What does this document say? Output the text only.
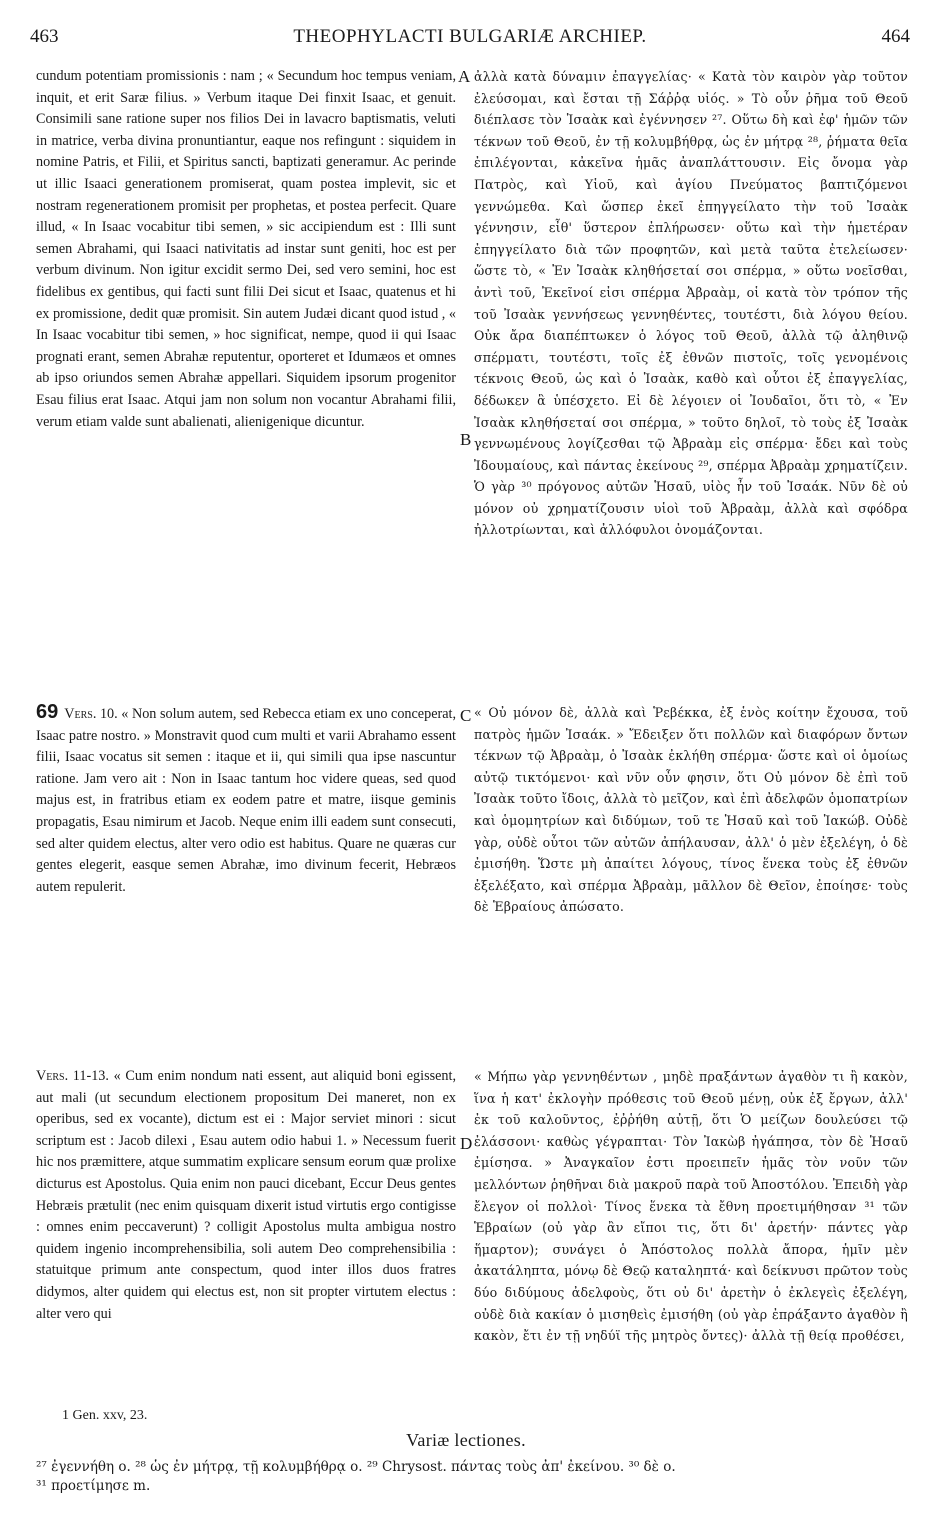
463	THEOPHYLACTI BULGARIÆ ARCHIEP.	464
A
B
C
D

cundum potentiam promissionis : nam ; « Secundum hoc tempus veniam, inquit, et erit Saræ filius. » Verbum itaque Dei finxit Isaac, et genuit. Consimili sane ratione super nos filios Dei in lavacro baptismatis, veluti in matrice, verba divina pronuntiantur, eaque nos refingunt : siquidem in nomine Patris, et Filii, et Spiritus sancti, baptizati generamur. Ac perinde ut illic Isaaci generationem promiserat, quam postea implevit, sic et nostram regenerationem promisit per prophetas, et postea perfecit. Quare illud, « In Isaac vocabitur tibi semen, » sic accipiendum est : Illi sunt semen Abrahami, qui Isaaci nativitatis ad instar sunt geniti, hoc est per verbum divinum. Non igitur excidit sermo Dei, sed vero semini, hoc est fidelibus ex gentibus, qui facti sunt filii Dei sicut et Isaac, quatenus et hi ex promissione, dedit quæ promisit. Sin autem Judæi dicant quod istud , « In Isaac vocabitur tibi semen, » hoc significat, nempe, quod ii qui Isaac prognati erant, semen Abrahæ reputentur, oporteret et Idumæos et omnes ab ipso oriundos semen Abrahæ appellari. Siquidem ipsorum progenitor Esau filius erat Isaac. Atqui jam non solum non vocantur Abrahami filii, verum etiam valde sunt abalienati, alienigenique dicuntur.

69 Vers. 10. « Non solum autem, sed Rebecca etiam ex uno conceperat, Isaac patre nostro. » Monstravit quod cum multi et varii Abrahamo essent filii, Isaac vocatus sit semen : itaque et ii, qui simili qua ipse nascuntur ratione. Jam vero ait : Non in Isaac tantum hoc videre queas, sed quod majus est, in fratribus etiam ex eodem patre et matre, iisque geminis propagatis, Esau nimirum et Jacob. Neque enim illi eadem sunt consecuti, sed alter quidem electus, alter vero odio est habitus. Quare ne quæras cur gentes elegerit, easque semen Abrahæ, imo divinum fecerit, Hebræos autem repulerit.

Vers. 11-13. « Cum enim nondum nati essent, aut aliquid boni egissent, aut mali (ut secundum electionem propositum Dei maneret, non ex operibus, sed ex vocante), dictum est ei : Major serviet minori : sicut scriptum est : Jacob dilexi , Esau autem odio habui 1. » Necessum fuerit hic nos præmittere, atque summatim explicare sensum eorum quæ prolixe dicturus est Apostolus. Quia enim non pauci dicebant, Eccur Deus gentes Hebræis prætulit (nec enim quisquam dixerit istud virtutis ergo contigisse : omnes enim peccaverunt) ? colligit Apostolus multa ambigua nostro quidem ingenio incomprehensibilia, soli autem Deo comprehensibilia : statuitque primum ante conspectum, quod inter illos duos fratres didymos, alter quidem qui electus est, non sit propter virtutem electus : alter vero qui

ἀλλὰ κατὰ δύναμιν ἐπαγγελίας· « Κατὰ τὸν καιρὸν γὰρ τοῦτον ἐλεύσομαι, καὶ ἔσται τῇ Σάῤῥᾳ υἱός. » Τὸ οὖν ῥῆμα τοῦ Θεοῦ διέπλασε τὸν Ἰσαὰκ καὶ ἐγέννησεν ²⁷. Οὕτω δὴ καὶ ἐφ' ἡμῶν τῶν τέκνων τοῦ Θεοῦ, ἐν τῇ κολυμβήθρᾳ, ὡς ἐν μήτρᾳ ²⁸, ῥήματα θεῖα ἐπιλέγονται, κἀκεῖνα ἡμᾶς ἀναπλάττουσιν. Εἰς ὄνομα γὰρ Πατρὸς, καὶ Υἱοῦ, καὶ ἁγίου Πνεύματος βαπτιζόμενοι γεννώμεθα. Καὶ ὥσπερ ἐκεῖ ἐπηγγείλατο τὴν τοῦ Ἰσαὰκ γέννησιν, εἶθ' ὕστερον ἐπλήρωσεν· οὕτω καὶ τὴν ἡμετέραν ἐπηγγείλατο διὰ τῶν προφητῶν, καὶ μετὰ ταῦτα ἐτελείωσεν· ὥστε τὸ, « Ἐν Ἰσαὰκ κληθήσεταί σοι σπέρμα, » οὕτω νοεῖσθαι, ἀντὶ τοῦ, Ἐκεῖνοί εἰσι σπέρμα Ἀβραὰμ, οἱ κατὰ τὸν τρόπον τῆς τοῦ Ἰσαὰκ γεννήσεως γεννηθέντες, τουτέστι, διὰ λόγου θείου. Οὐκ ἄρα διαπέπτωκεν ὁ λόγος τοῦ Θεοῦ, ἀλλὰ τῷ ἀληθινῷ σπέρματι, τουτέστι, τοῖς ἐξ ἐθνῶν πιστοῖς, τοῖς γενομένοις τέκνοις Θεοῦ, ὡς καὶ ὁ Ἰσαὰκ, καθὸ καὶ οὗτοι ἐξ ἐπαγγελίας, δέδωκεν ἃ ὑπέσχετο. Εἰ δὲ λέγοιεν οἱ Ἰουδαῖοι, ὅτι τὸ, « Ἐν Ἰσαὰκ κληθήσεταί σοι σπέρμα, » τοῦτο δηλοῖ, τὸ τοὺς ἐξ Ἰσαὰκ γεννωμένους λογίζεσθαι τῷ Ἀβραὰμ εἰς σπέρμα· ἔδει καὶ τοὺς Ἰδουμαίους, καὶ πάντας ἐκείνους ²⁹, σπέρμα Ἀβραὰμ χρηματίζειν. Ὁ γὰρ ³⁰ πρόγονος αὐτῶν Ἡσαῦ, υἱὸς ἦν τοῦ Ἰσαάκ. Νῦν δὲ οὐ μόνον οὐ χρηματίζουσιν υἱοὶ τοῦ Ἀβραὰμ, ἀλλὰ καὶ σφόδρα ἠλλοτρίωνται, καὶ ἀλλόφυλοι ὀνομάζονται.

« Οὐ μόνον δὲ, ἀλλὰ καὶ Ῥεβέκκα, ἐξ ἑνὸς κοίτην ἔχουσα, τοῦ πατρὸς ἡμῶν Ἰσαάκ. » Ἔδειξεν ὅτι πολλῶν καὶ διαφόρων ὄντων τέκνων τῷ Ἀβραὰμ, ὁ Ἰσαὰκ ἐκλήθη σπέρμα· ὥστε καὶ οἱ ὁμοίως αὐτῷ τικτόμενοι· καὶ νῦν οὖν φησιν, ὅτι Οὐ μόνον δὲ ἐπὶ τοῦ Ἰσαὰκ τοῦτο ἴδοις, ἀλλὰ τὸ μεῖζον, καὶ ἐπὶ ἀδελφῶν ὁμοπατρίων καὶ ὁμομητρίων καὶ διδύμων, τοῦ τε Ἡσαῦ καὶ τοῦ Ἰακώβ. Οὐδὲ γὰρ, οὐδὲ οὗτοι τῶν αὐτῶν ἀπήλαυσαν, ἀλλ' ὁ μὲν ἐξελέγη, ὁ δὲ ἐμισήθη. Ὥστε μὴ ἀπαίτει λόγους, τίνος ἕνεκα τοὺς ἐξ ἐθνῶν ἐξελέξατο, καὶ σπέρμα Ἀβραὰμ, μᾶλλον δὲ Θεῖον, ἐποίησε· τοὺς δὲ Ἑβραίους ἀπώσατο.

« Μήπω γὰρ γεννηθέντων , μηδὲ πραξάντων ἀγαθὸν τι ἢ κακὸν, ἵνα ἡ κατ' ἐκλογὴν πρόθεσις τοῦ Θεοῦ μένῃ, οὐκ ἐξ ἔργων, ἀλλ' ἐκ τοῦ καλοῦντος, ἐῤῥήθη αὐτῇ, ὅτι Ὁ μείζων δουλεύσει τῷ ἐλάσσονι· καθὼς γέγραπται· Τὸν Ἰακὼβ ἠγάπησα, τὸν δὲ Ἡσαῦ ἐμίσησα. » Ἀναγκαῖον ἐστι προειπεῖν ἡμᾶς τὸν νοῦν τῶν μελλόντων ῥηθῆναι διὰ μακροῦ παρὰ τοῦ Ἀποστόλου. Ἐπειδὴ γὰρ ἔλεγον οἱ πολλοὶ· Τίνος ἕνεκα τὰ ἔθνη προετιμήθησαν ³¹ τῶν Ἑβραίων (οὐ γὰρ ἂν εἴποι τις, ὅτι δι' ἀρετήν· πάντες γὰρ ἥμαρτον); συνάγει ὁ Ἀπόστολος πολλὰ ἄπορα, ἡμῖν μὲν ἀκατάληπτα, μόνῳ δὲ Θεῷ καταληπτά· καὶ δείκνυσι πρῶτον τοὺς δύο διδύμους ἀδελφοὺς, ὅτι οὐ δι' ἀρετὴν ὁ ἐκλεγεὶς ἐξελέγη, οὐδὲ διὰ κακίαν ὁ μισηθεὶς ἐμισήθη (οὐ γὰρ ἐπράξαντο ἀγαθὸν ἢ κακὸν, ἔτι ἐν τῇ νηδύϊ τῆς μητρὸς ὄντες)· ἀλλὰ τῇ θείᾳ προθέσει,

1 Gen. xxv, 23.
Variæ lectiones.

²⁷ ἐγεννήθη ο. ²⁸ ὡς ἐν μήτρᾳ, τῇ κολυμβήθρᾳ ο. ²⁹ Chrysost. πάντας τοὺς ἀπ' ἐκείνου. ³⁰ δὲ ο.

³¹ προετίμησε m.
